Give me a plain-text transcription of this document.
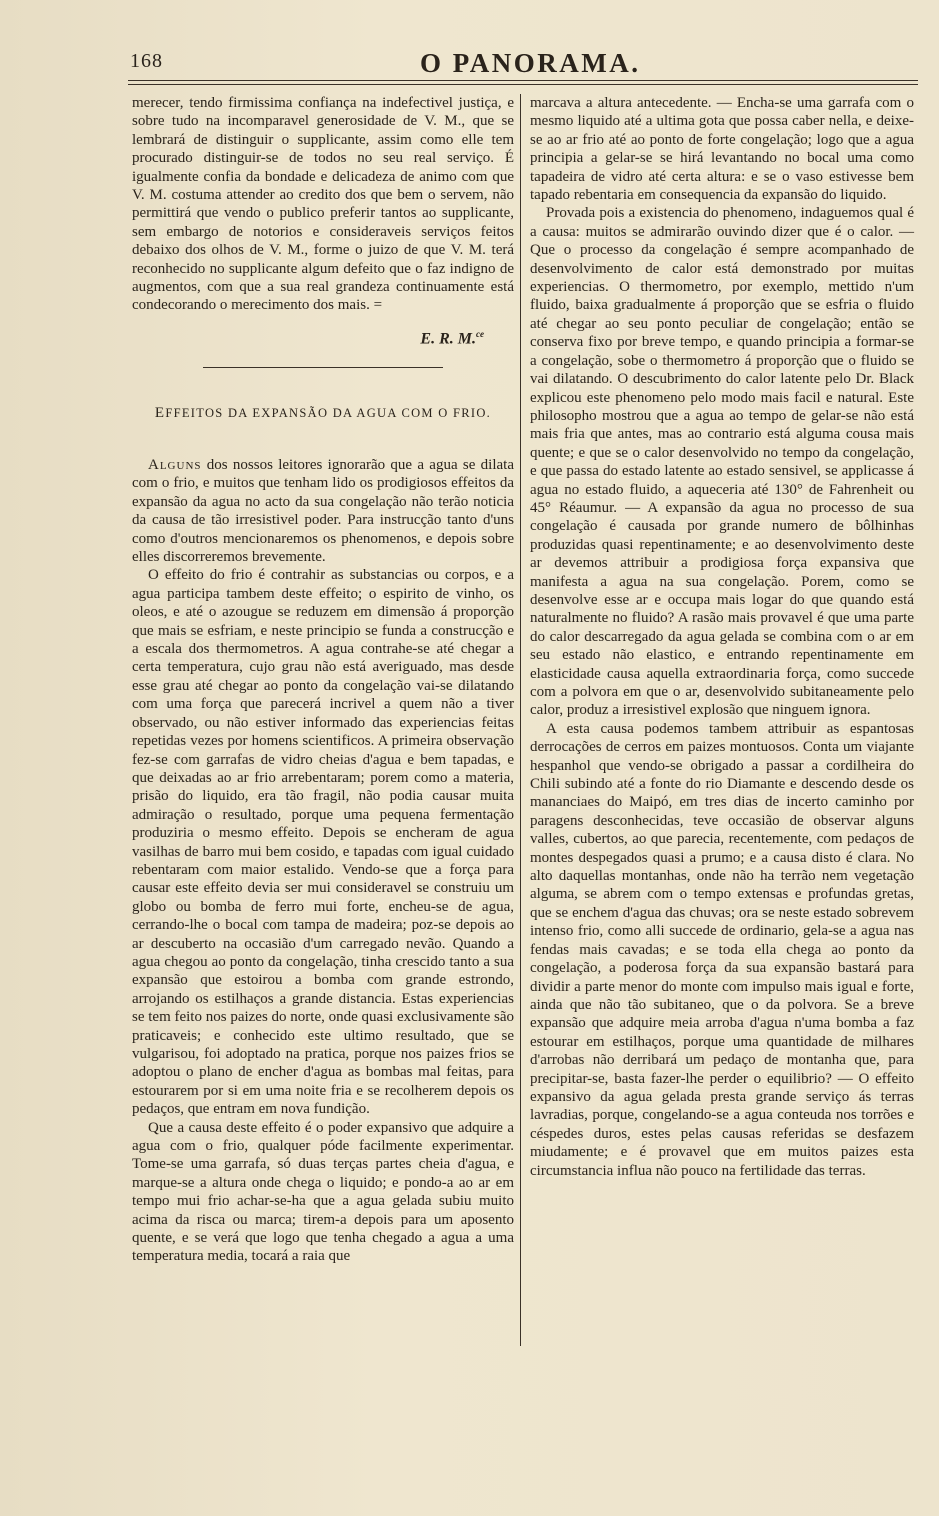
168	O PANORAMA.

merecer, tendo firmissima confiança na indefectivel justiça, e sobre tudo na incomparavel generosidade de V. M., que se lembrará de distinguir o supplicante, assim como elle tem procurado distinguir-se de todos no seu real serviço. É igualmente confia da bondade e delicadeza de animo com que V. M. costuma attender ao credito dos que bem o servem, não permittirá que vendo o publico preferir tantos ao supplicante, sem embargo de notorios e consideraveis serviços feitos debaixo dos olhos de V. M., forme o juizo de que V. M. terá reconhecido no supplicante algum defeito que o faz indigno de augmentos, com que a sua real grandeza continuamente está condecorando o merecimento dos mais. =

E. R. M.$^{ce}$
EFFEITOS DA EXPANSÃO DA AGUA COM O FRIO.

Alguns dos nossos leitores ignorarão que a agua se dilata com o frio, e muitos que tenham lido os prodigiosos effeitos da expansão da agua no acto da sua congelação não terão noticia da causa de tão irresistivel poder. Para instrucção tanto d'uns como d'outros mencionaremos os phenomenos, e depois sobre elles discorreremos brevemente.

O effeito do frio é contrahir as substancias ou corpos, e a agua participa tambem deste effeito; o espirito de vinho, os oleos, e até o azougue se reduzem em dimensão á proporção que mais se esfriam, e neste principio se funda a construcção e a escala dos thermometros. A agua contrahe-se até chegar a certa temperatura, cujo grau não está averiguado, mas desde esse grau até chegar ao ponto da congelação vai-se dilatando com uma força que parecerá incrivel a quem não a tiver observado, ou não estiver informado das experiencias feitas repetidas vezes por homens scientificos. A primeira observação fez-se com garrafas de vidro cheias d'agua e bem tapadas, e que deixadas ao ar frio arrebentaram; porem como a materia, prisão do liquido, era tão fragil, não podia causar muita admiração o resultado, porque uma pequena fermentação produziria o mesmo effeito. Depois se encheram de agua vasilhas de barro mui bem cosido, e tapadas com igual cuidado rebentaram com maior estalido. Vendo-se que a força para causar este effeito devia ser mui consideravel se construiu um globo ou bomba de ferro mui forte, encheu-se de agua, cerrando-lhe o bocal com tampa de madeira; poz-se depois ao ar descuberto na occasião d'um carregado nevão. Quando a agua chegou ao ponto da congelação, tinha crescido tanto a sua expansão que estoirou a bomba com grande estrondo, arrojando os estilhaços a grande distancia. Estas experiencias se tem feito nos paizes do norte, onde quasi exclusivamente são praticaveis; e conhecido este ultimo resultado, que se vulgarisou, foi adoptado na pratica, porque nos paizes frios se adoptou o plano de encher d'agua as bombas mal feitas, para estourarem por si em uma noite fria e se recolherem depois os pedaços, que entram em nova fundição.

Que a causa deste effeito é o poder expansivo que adquire a agua com o frio, qualquer póde facilmente experimentar. Tome-se uma garrafa, só duas terças partes cheia d'agua, e marque-se a altura onde chega o liquido; e pondo-a ao ar em tempo mui frio achar-se-ha que a agua gelada subiu muito acima da risca ou marca; tirem-a depois para um aposento quente, e se verá que logo que tenha chegado a agua a uma temperatura media, tocará a raia que

marcava a altura antecedente. — Encha-se uma garrafa com o mesmo liquido até a ultima gota que possa caber nella, e deixe-se ao ar frio até ao ponto de forte congelação; logo que a agua principia a gelar-se se hirá levantando no bocal uma como tapadeira de vidro até certa altura: e se o vaso estivesse bem tapado rebentaria em consequencia da expansão do liquido.

Provada pois a existencia do phenomeno, indaguemos qual é a causa: muitos se admirarão ouvindo dizer que é o calor. — Que o processo da congelação é sempre acompanhado de desenvolvimento de calor está demonstrado por muitas experiencias. O thermometro, por exemplo, mettido n'um fluido, baixa gradualmente á proporção que se esfria o fluido até chegar ao seu ponto peculiar de congelação; então se conserva fixo por breve tempo, e quando principia a formar-se a congelação, sobe o thermometro á proporção que o fluido se vai dilatando. O descubrimento do calor latente pelo Dr. Black explicou este phenomeno pelo modo mais facil e natural. Este philosopho mostrou que a agua ao tempo de gelar-se não está mais fria que antes, mas ao contrario está alguma cousa mais quente; e que se o calor desenvolvido no tempo da congelação, e que passa do estado latente ao estado sensivel, se applicasse á agua no estado fluido, a aqueceria até 130° de Fahrenheit ou 45° Réaumur. — A expansão da agua no processo de sua congelação é causada por grande numero de bôlhinhas produzidas quasi repentinamente; e ao desenvolvimento deste ar devemos attribuir a prodigiosa força expansiva que manifesta a agua na sua congelação. Porem, como se desenvolve esse ar e occupa mais logar do que quando está naturalmente no fluido? A rasão mais provavel é que uma parte do calor descarregado da agua gelada se combina com o ar em seu estado não elastico, e entrando repentinamente em elasticidade causa aquella extraordinaria força, como succede com a polvora em que o ar, desenvolvido subitaneamente pelo calor, produz a irresistivel explosão que ninguem ignora.

A esta causa podemos tambem attribuir as espantosas derrocações de cerros em paizes montuosos. Conta um viajante hespanhol que vendo-se obrigado a passar a cordilheira do Chili subindo até a fonte do rio Diamante e descendo desde os mananciaes do Maipó, em tres dias de incerto caminho por paragens desconhecidas, teve occasião de observar alguns valles, cubertos, ao que parecia, recentemente, com pedaços de montes despegados quasi a prumo; e a causa disto é clara. No alto daquellas montanhas, onde não ha terrão nem vegetação alguma, se abrem com o tempo extensas e profundas gretas, que se enchem d'agua das chuvas; ora se neste estado sobrevem intenso frio, como alli succede de ordinario, gela-se a agua nas fendas mais cavadas; e se toda ella chega ao ponto da congelação, a poderosa força da sua expansão bastará para dividir a parte menor do monte com impulso mais igual e forte, ainda que não tão subitaneo, que o da polvora. Se a breve expansão que adquire meia arroba d'agua n'uma bomba a faz estourar em estilhaços, porque uma quantidade de milhares d'arrobas não derribará um pedaço de montanha que, para precipitar-se, basta fazer-lhe perder o equilibrio? — O effeito expansivo da agua gelada presta grande serviço ás terras lavradias, porque, congelando-se a agua conteuda nos torrões e céspedes duros, estes pelas causas referidas se desfazem miudamente; e é provavel que em muitos paizes esta circumstancia influa não pouco na fertilidade das terras.
